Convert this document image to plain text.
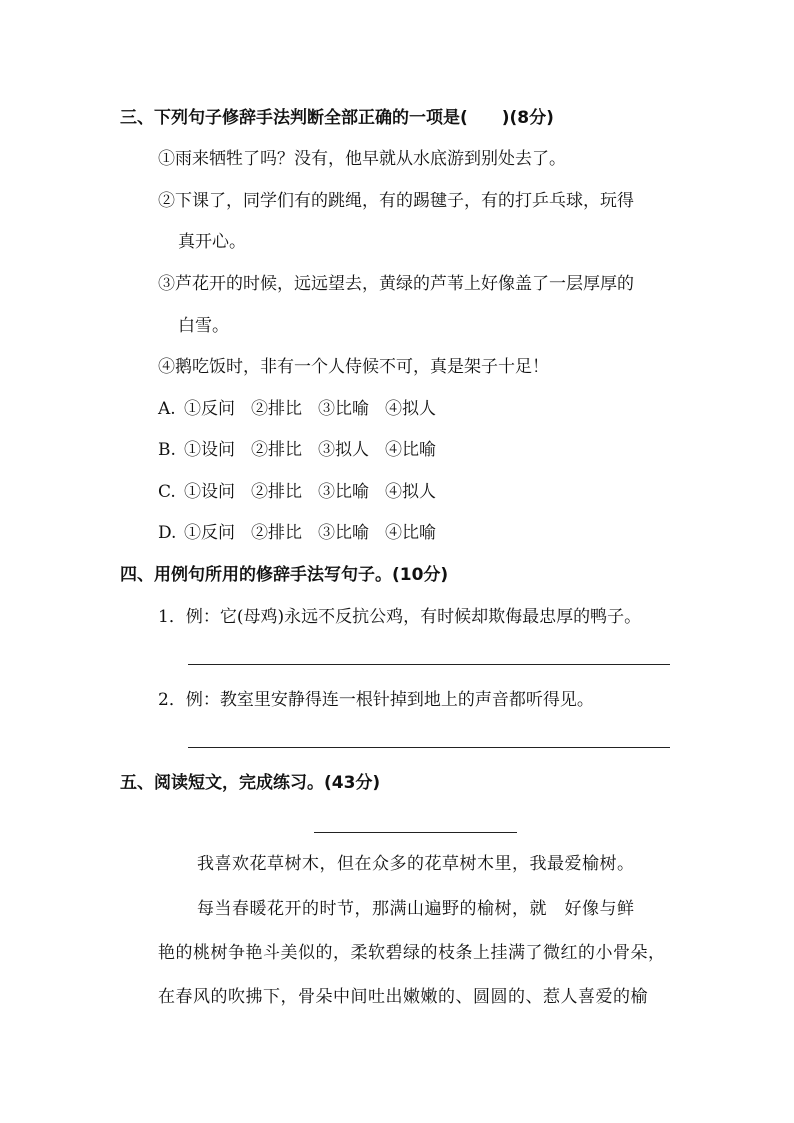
三、下列句子修辞手法判断全部正确的一项是(　　)(8分)
①雨来牺牲了吗？没有，他早就从水底游到别处去了。
②下课了，同学们有的跳绳，有的踢毽子，有的打乒乓球，玩得
真开心。
③芦花开的时候，远远望去，黄绿的芦苇上好像盖了一层厚厚的
白雪。
④鹅吃饭时，非有一个人侍候不可，真是架子十足！
A. ①反问 ②排比 ③比喻 ④拟人
B. ①设问 ②排比 ③拟人 ④比喻
C. ①设问 ②排比 ③比喻 ④拟人
D. ①反问 ②排比 ③比喻 ④比喻
四、用例句所用的修辞手法写句子。(10分)
1．例：它(母鸡)永远不反抗公鸡，有时候却欺侮最忠厚的鸭子。
2．例：教室里安静得连一根针掉到地上的声音都听得见。
五、阅读短文，完成练习。(43分)
我喜欢花草树木，但在众多的花草树木里，我最爱榆树。
每当春暖花开的时节，那满山遍野的榆树，就　好像与鲜
艳的桃树争艳斗美似的，柔软碧绿的枝条上挂满了微红的小骨朵，
在春风的吹拂下，骨朵中间吐出嫩嫩的、圆圆的、惹人喜爱的榆
